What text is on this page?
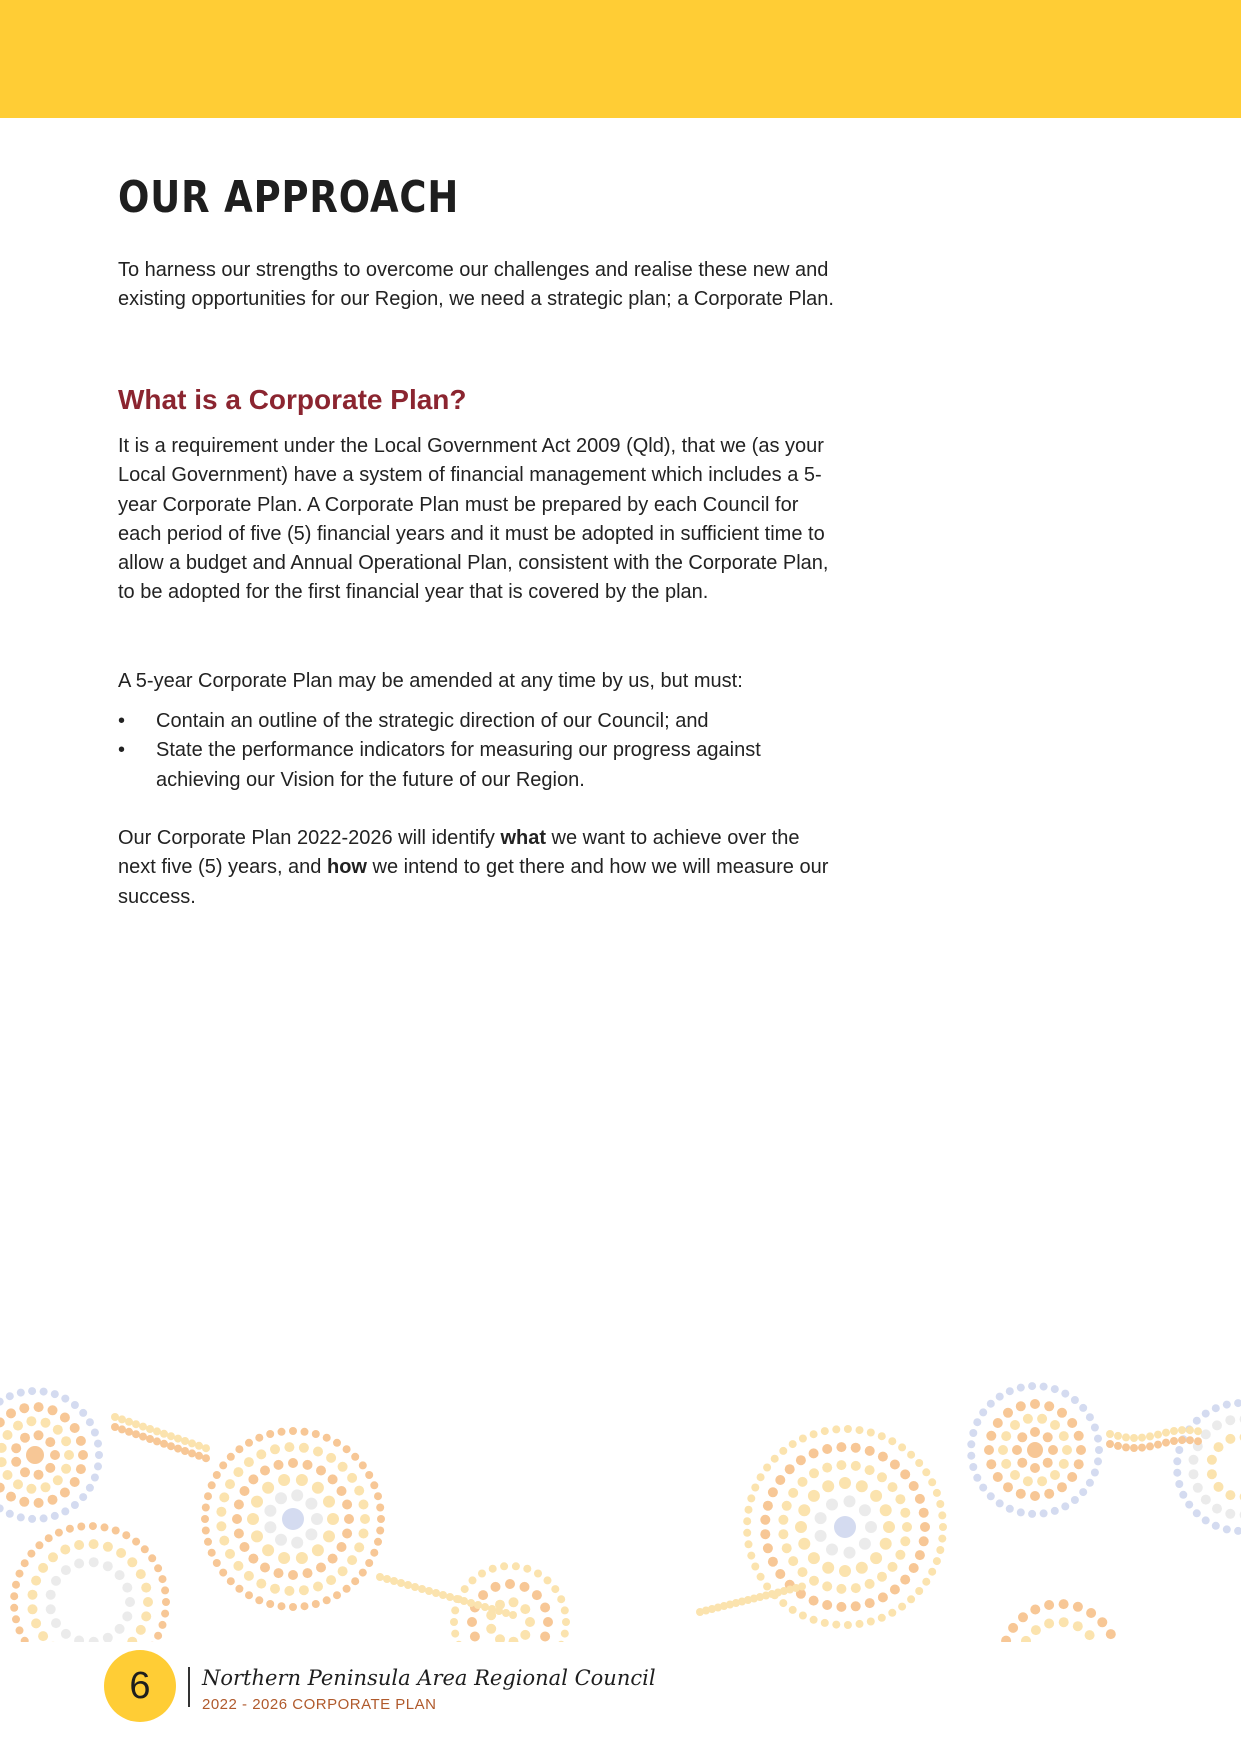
OUR APPROACH

To harness our strengths to overcome our challenges and realise these new and existing opportunities for our Region, we need a strategic plan; a Corporate Plan.

What is a Corporate Plan?

It is a requirement under the Local Government Act 2009 (Qld), that we (as your Local Government) have a system of financial management which includes a 5-year Corporate Plan. A Corporate Plan must be prepared by each Council for each period of five (5) financial years and it must be adopted in sufficient time to allow a budget and Annual Operational Plan, consistent with the Corporate Plan, to be adopted for the first financial year that is covered by the plan.

A 5-year Corporate Plan may be amended at any time by us, but must:

• Contain an outline of the strategic direction of our Council; and
• State the performance indicators for measuring our progress against achieving our Vision for the future of our Region.

Our Corporate Plan 2022-2026 will identify what we want to achieve over the next five (5) years, and how we intend to get there and how we will measure our success.

6 Northern Peninsula Area Regional Council
2022 - 2026 CORPORATE PLAN
